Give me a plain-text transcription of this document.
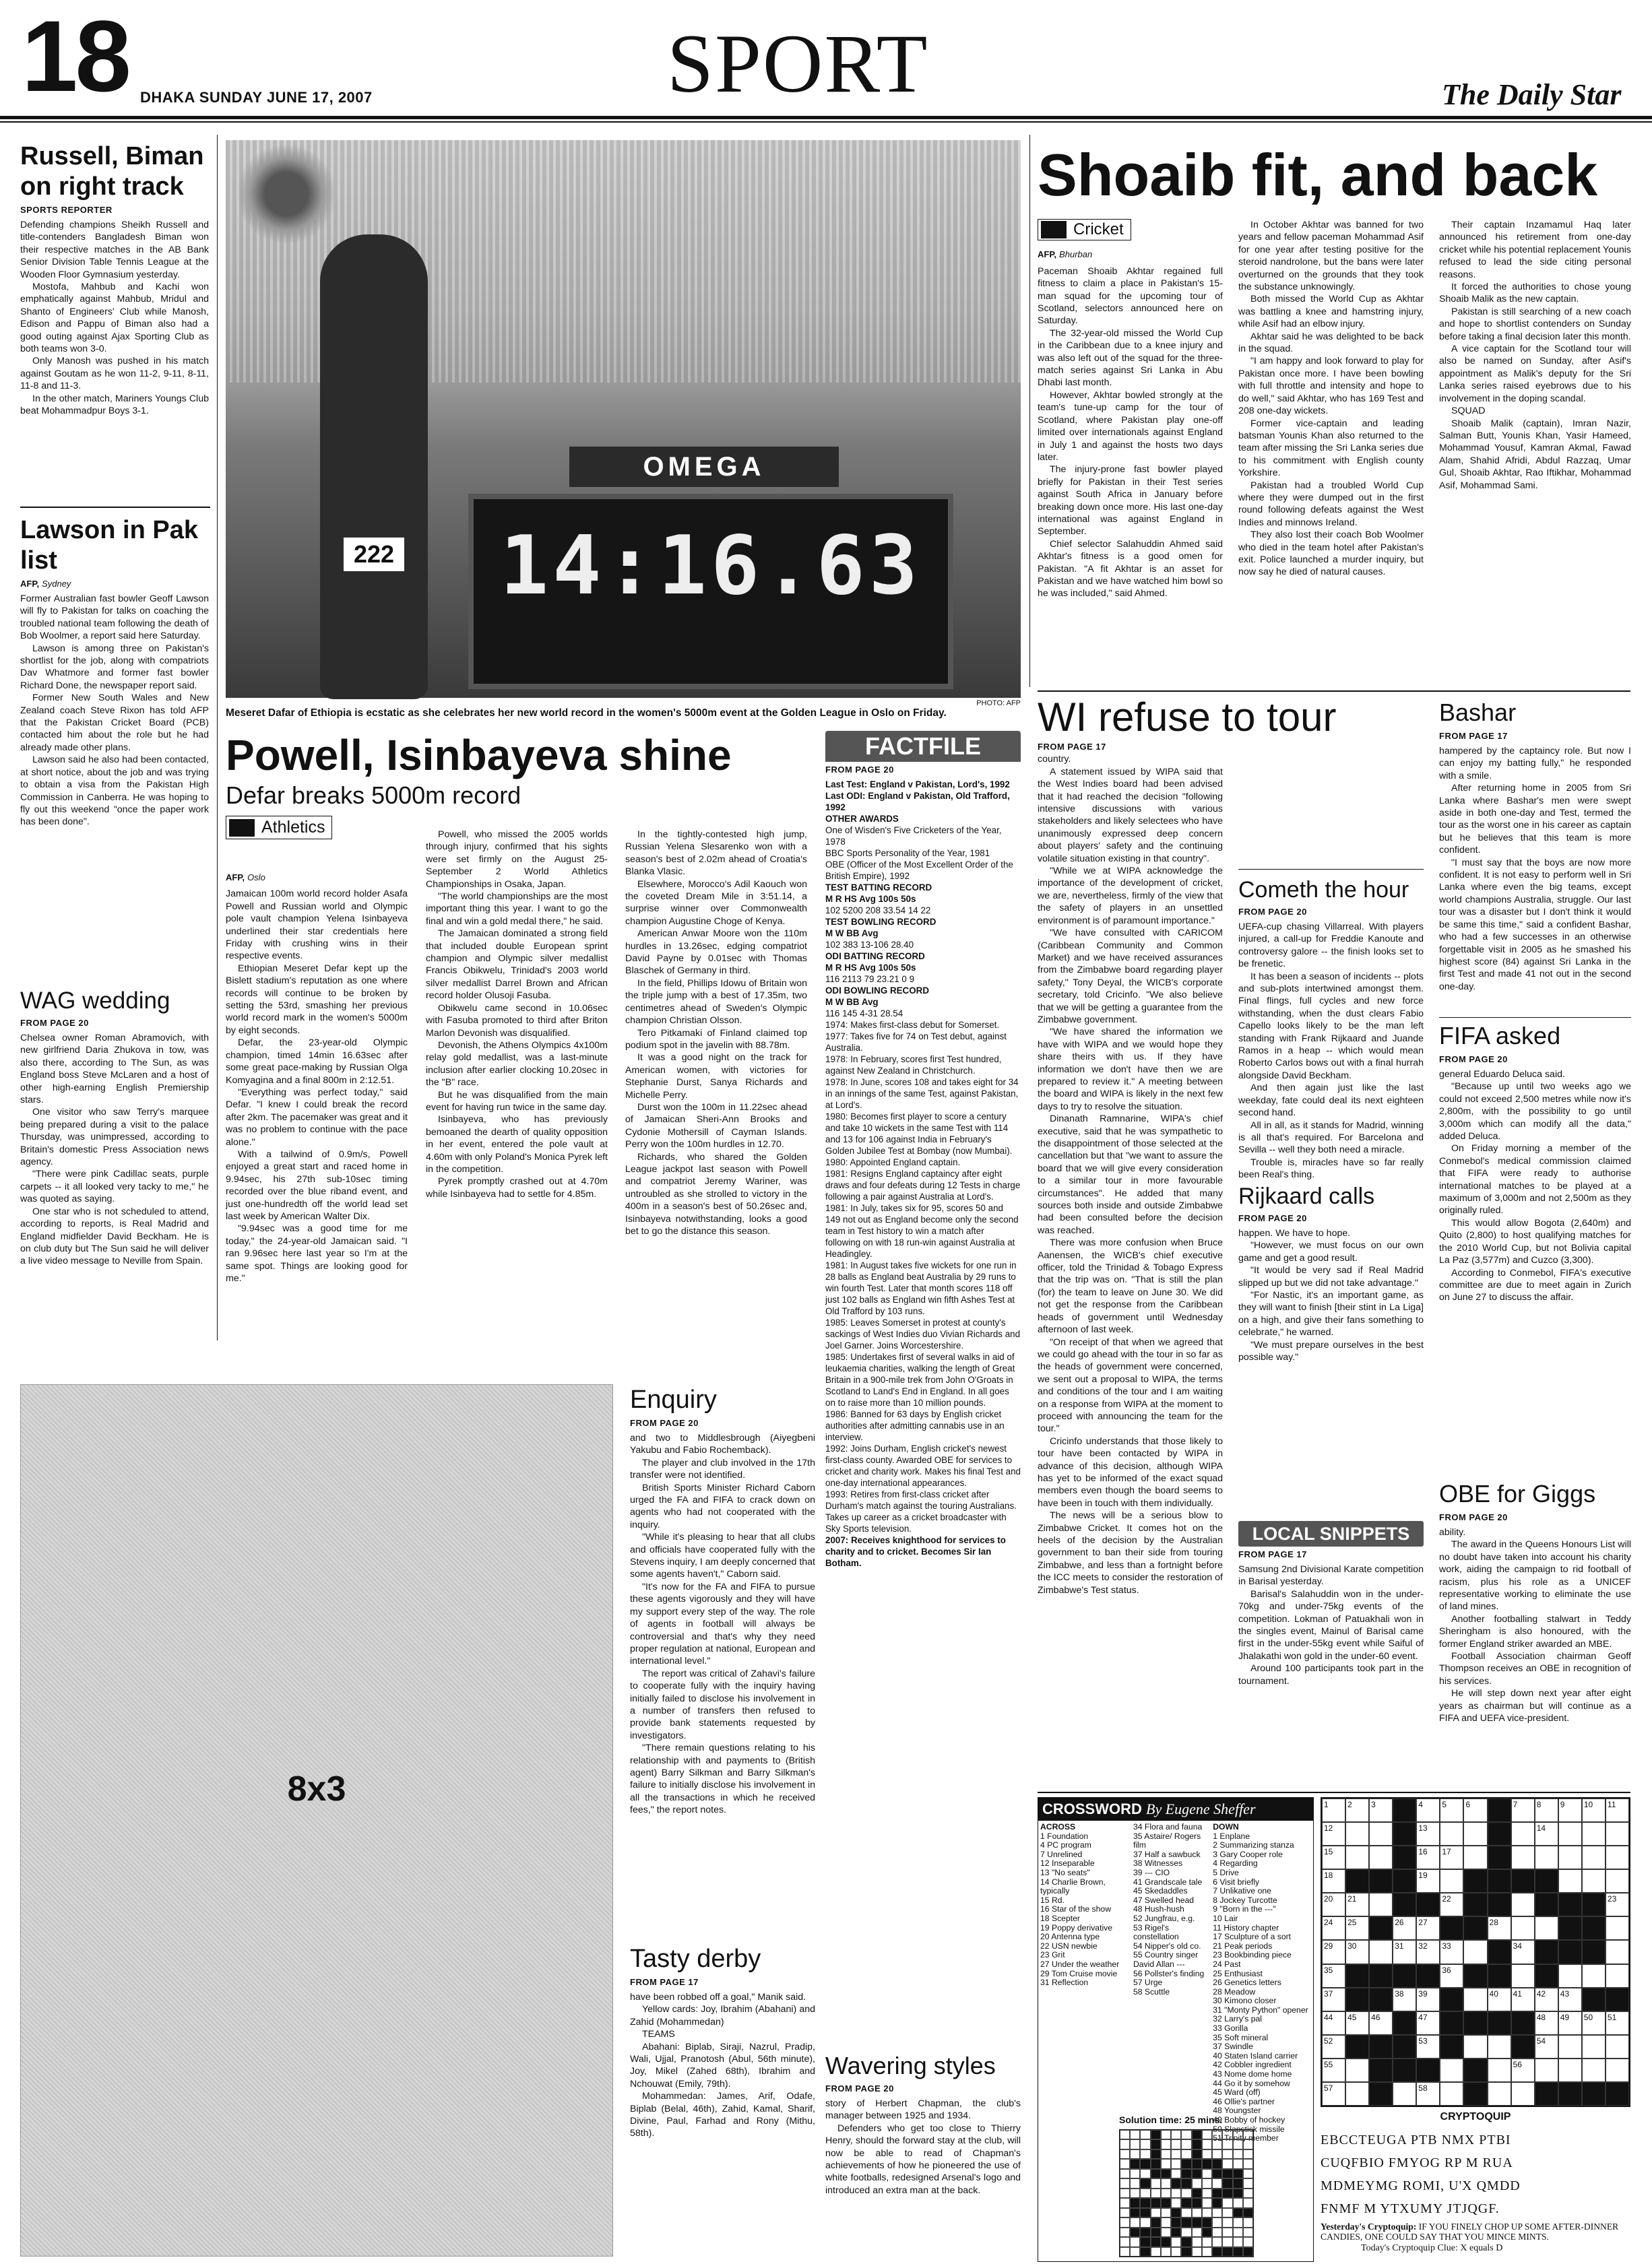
18 DHAKA SUNDAY JUNE 17, 2007	SPORT	The Daily Star
Russell, Biman on right track
SPORTS REPORTER

Defending champions Sheikh Russell and title-contenders Bangladesh Biman won their respective matches in the AB Bank Senior Division Table Tennis League at the Wooden Floor Gymnasium yesterday.

Mostofa, Mahbub and Kachi won emphatically against Mahbub, Mridul and Shanto of Engineers' Club while Manosh, Edison and Pappu of Biman also had a good outing against Ajax Sporting Club as both teams won 3-0.

Only Manosh was pushed in his match against Goutam as he won 11-2, 9-11, 8-11, 11-8 and 11-3.

In the other match, Mariners Youngs Club beat Mohammadpur Boys 3-1.

Lawson in Pak list
AFP, Sydney

Former Australian fast bowler Geoff Lawson will fly to Pakistan for talks on coaching the troubled national team following the death of Bob Woolmer, a report said here Saturday.

Lawson is among three on Pakistan's shortlist for the job, along with compatriots Dav Whatmore and former fast bowler Richard Done, the newspaper report said.

Former New South Wales and New Zealand coach Steve Rixon has told AFP that the Pakistan Cricket Board (PCB) contacted him about the role but he had already made other plans.

Lawson said he also had been contacted, at short notice, about the job and was trying to obtain a visa from the Pakistan High Commission in Canberra. He was hoping to fly out this weekend "once the paper work has been done".

WAG wedding
FROM PAGE 20

Chelsea owner Roman Abramovich, with new girlfriend Daria Zhukova in tow, was also there, according to The Sun, as was England boss Steve McLaren and a host of other high-earning English Premiership stars.

One visitor who saw Terry's marquee being prepared during a visit to the palace Thursday, was unimpressed, according to Britain's domestic Press Association news agency.

"There were pink Cadillac seats, purple carpets -- it all looked very tacky to me," he was quoted as saying.

One star who is not scheduled to attend, according to reports, is Real Madrid and England midfielder David Beckham. He is on club duty but The Sun said he will deliver a live video message to Neville from Spain.

OMEGA
14:16.63
222
PHOTO: AFP
Meseret Dafar of Ethiopia is ecstatic as she celebrates her new world record in the women's 5000m event at the Golden League in Oslo on Friday.
Powell, Isinbayeva shine
Defar breaks 5000m record
Athletics
AFP, Oslo

Jamaican 100m world record holder Asafa Powell and Russian world and Olympic pole vault champion Yelena Isinbayeva underlined their star credentials here Friday with crushing wins in their respective events.

Ethiopian Meseret Defar kept up the Bislett stadium's reputation as one where records will continue to be broken by setting the 53rd, smashing her previous world record mark in the women's 5000m by eight seconds.

Defar, the 23-year-old Olympic champion, timed 14min 16.63sec after some great pace-making by Russian Olga Komyagina and a final 800m in 2:12.51.

"Everything was perfect today," said Defar. "I knew I could break the record after 2km. The pacemaker was great and it was no problem to continue with the pace alone."

With a tailwind of 0.9m/s, Powell enjoyed a great start and raced home in 9.94sec, his 27th sub-10sec timing recorded over the blue riband event, and just one-hundredth off the world lead set last week by American Walter Dix.

"9.94sec was a good time for me today," the 24-year-old Jamaican said. "I ran 9.96sec here last year so I'm at the same spot. Things are looking good for me."

Powell, who missed the 2005 worlds through injury, confirmed that his sights were set firmly on the August 25-September 2 World Athletics Championships in Osaka, Japan.

"The world championships are the most important thing this year. I want to go the final and win a gold medal there," he said.

The Jamaican dominated a strong field that included double European sprint champion and Olympic silver medallist Francis Obikwelu, Trinidad's 2003 world silver medallist Darrel Brown and African record holder Olusoji Fasuba.

Obikwelu came second in 10.06sec with Fasuba promoted to third after Briton Marlon Devonish was disqualified.

Devonish, the Athens Olympics 4x100m relay gold medallist, was a last-minute inclusion after earlier clocking 10.20sec in the "B" race.

But he was disqualified from the main event for having run twice in the same day.

Isinbayeva, who has previously bemoaned the dearth of quality opposition in her event, entered the pole vault at 4.60m with only Poland's Monica Pyrek left in the competition.

Pyrek promptly crashed out at 4.70m while Isinbayeva had to settle for 4.85m.

In the tightly-contested high jump, Russian Yelena Slesarenko won with a season's best of 2.02m ahead of Croatia's Blanka Vlasic.

Elsewhere, Morocco's Adil Kaouch won the coveted Dream Mile in 3:51.14, a surprise winner over Commonwealth champion Augustine Choge of Kenya.

American Anwar Moore won the 110m hurdles in 13.26sec, edging compatriot David Payne by 0.01sec with Thomas Blaschek of Germany in third.

In the field, Phillips Idowu of Britain won the triple jump with a best of 17.35m, two centimetres ahead of Sweden's Olympic champion Christian Olsson.

Tero Pitkamaki of Finland claimed top podium spot in the javelin with 88.78m.

It was a good night on the track for American women, with victories for Stephanie Durst, Sanya Richards and Michelle Perry.

Durst won the 100m in 11.22sec ahead of Jamaican Sheri-Ann Brooks and Cydonie Mothersill of Cayman Islands. Perry won the 100m hurdles in 12.70.

Richards, who shared the Golden League jackpot last season with Powell and compatriot Jeremy Wariner, was untroubled as she strolled to victory in the 400m in a season's best of 50.26sec and, Isinbayeva notwithstanding, looks a good bet to go the distance this season.

FACTFILE
FROM PAGE 20
Last Test: England v Pakistan, Lord's, 1992
Last ODI: England v Pakistan, Old Trafford, 1992
OTHER AWARDS
One of Wisden's Five Cricketers of the Year, 1978
BBC Sports Personality of the Year, 1981
OBE (Officer of the Most Excellent Order of the British Empire), 1992
TEST BATTING RECORD
M R HS Avg 100s 50s
102 5200 208 33.54 14 22
TEST BOWLING RECORD
M W BB Avg
102 383 13-106 28.40
ODI BATTING RECORD
M R HS Avg 100s 50s
116 2113 79 23.21 0 9
ODI BOWLING RECORD
M W BB Avg
116 145 4-31 28.54
1974: Makes first-class debut for Somerset.
1977: Takes five for 74 on Test debut, against Australia.
1978: In February, scores first Test hundred, against New Zealand in Christchurch.
1978: In June, scores 108 and takes eight for 34 in an innings of the same Test, against Pakistan, at Lord's.
1980: Becomes first player to score a century and take 10 wickets in the same Test with 114 and 13 for 106 against India in February's Golden Jubilee Test at Bombay (now Mumbai).
1980: Appointed England captain.
1981: Resigns England captaincy after eight draws and four defeats during 12 Tests in charge following a pair against Australia at Lord's.
1981: In July, takes six for 95, scores 50 and 149 not out as England become only the second team in Test history to win a match after following on with 18 run-win against Australia at Headingley.
1981: In August takes five wickets for one run in 28 balls as England beat Australia by 29 runs to win fourth Test. Later that month scores 118 off just 102 balls as England win fifth Ashes Test at Old Trafford by 103 runs.
1985: Leaves Somerset in protest at county's sackings of West Indies duo Vivian Richards and Joel Garner. Joins Worcestershire.
1985: Undertakes first of several walks in aid of leukaemia charities, walking the length of Great Britain in a 900-mile trek from John O'Groats in Scotland to Land's End in England. In all goes on to raise more than 10 million pounds.
1986: Banned for 63 days by English cricket authorities after admitting cannabis use in an interview.
1992: Joins Durham, English cricket's newest first-class county. Awarded OBE for services to cricket and charity work. Makes his final Test and one-day international appearances.
1993: Retires from first-class cricket after Durham's match against the touring Australians. Takes up career as a cricket broadcaster with Sky Sports television.
2007: Receives knighthood for services to charity and to cricket. Becomes Sir Ian Botham.
Shoaib fit, and back
Cricket
AFP, Bhurban

Paceman Shoaib Akhtar regained full fitness to claim a place in Pakistan's 15-man squad for the upcoming tour of Scotland, selectors announced here on Saturday.

The 32-year-old missed the World Cup in the Caribbean due to a knee injury and was also left out of the squad for the three-match series against Sri Lanka in Abu Dhabi last month.

However, Akhtar bowled strongly at the team's tune-up camp for the tour of Scotland, where Pakistan play one-off limited over internationals against England in July 1 and against the hosts two days later.

The injury-prone fast bowler played briefly for Pakistan in their Test series against South Africa in January before breaking down once more. His last one-day international was against England in September.

Chief selector Salahuddin Ahmed said Akhtar's fitness is a good omen for Pakistan. "A fit Akhtar is an asset for Pakistan and we have watched him bowl so he was included," said Ahmed.

In October Akhtar was banned for two years and fellow paceman Mohammad Asif for one year after testing positive for the steroid nandrolone, but the bans were later overturned on the grounds that they took the substance unknowingly.

Both missed the World Cup as Akhtar was battling a knee and hamstring injury, while Asif had an elbow injury.

Akhtar said he was delighted to be back in the squad.

"I am happy and look forward to play for Pakistan once more. I have been bowling with full throttle and intensity and hope to do well," said Akhtar, who has 169 Test and 208 one-day wickets.

Former vice-captain and leading batsman Younis Khan also returned to the team after missing the Sri Lanka series due to his commitment with English county Yorkshire.

Pakistan had a troubled World Cup where they were dumped out in the first round following defeats against the West Indies and minnows Ireland.

They also lost their coach Bob Woolmer who died in the team hotel after Pakistan's exit. Police launched a murder inquiry, but now say he died of natural causes.

Their captain Inzamamul Haq later announced his retirement from one-day cricket while his potential replacement Younis refused to lead the side citing personal reasons.

It forced the authorities to chose young Shoaib Malik as the new captain.

Pakistan is still searching of a new coach and hope to shortlist contenders on Sunday before taking a final decision later this month.

A vice captain for the Scotland tour will also be named on Sunday, after Asif's appointment as Malik's deputy for the Sri Lanka series raised eyebrows due to his involvement in the doping scandal.

SQUAD

Shoaib Malik (captain), Imran Nazir, Salman Butt, Younis Khan, Yasir Hameed, Mohammad Yousuf, Kamran Akmal, Fawad Alam, Shahid Afridi, Abdul Razzaq, Umar Gul, Shoaib Akhtar, Rao Iftikhar, Mohammad Asif, Mohammad Sami.

WI refuse to tour
FROM PAGE 17

country.

A statement issued by WIPA said that the West Indies board had been advised that it had reached the decision "following intensive discussions with various stakeholders and likely selectees who have unanimously expressed deep concern about players' safety and the continuing volatile situation existing in that country".

"While we at WIPA acknowledge the importance of the development of cricket, we are, nevertheless, firmly of the view that the safety of players in an unsettled environment is of paramount importance."

"We have consulted with CARICOM (Caribbean Community and Common Market) and we have received assurances from the Zimbabwe board regarding player safety," Tony Deyal, the WICB's corporate secretary, told Cricinfo. "We also believe that we will be getting a guarantee from the Zimbabwe government.

"We have shared the information we have with WIPA and we would hope they share theirs with us. If they have information we don't have then we are prepared to review it." A meeting between the board and WIPA is likely in the next few days to try to resolve the situation.

Dinanath Ramnarine, WIPA's chief executive, said that he was sympathetic to the disappointment of those selected at the cancellation but that "we want to assure the board that we will give every consideration to a similar tour in more favourable circumstances". He added that many sources both inside and outside Zimbabwe had been consulted before the decision was reached.

There was more confusion when Bruce Aanensen, the WICB's chief executive officer, told the Trinidad & Tobago Express that the trip was on. "That is still the plan (for) the team to leave on June 30. We did not get the response from the Caribbean heads of government until Wednesday afternoon of last week.

"On receipt of that when we agreed that we could go ahead with the tour in so far as the heads of government were concerned, we sent out a proposal to WIPA, the terms and conditions of the tour and I am waiting on a response from WIPA at the moment to proceed with announcing the team for the tour."

Cricinfo understands that those likely to tour have been contacted by WIPA in advance of this decision, although WIPA has yet to be informed of the exact squad members even though the board seems to have been in touch with them individually.

The news will be a serious blow to Zimbabwe Cricket. It comes hot on the heels of the decision by the Australian government to ban their side from touring Zimbabwe, and less than a fortnight before the ICC meets to consider the restoration of Zimbabwe's Test status.

Cometh the hour
FROM PAGE 20

UEFA-cup chasing Villarreal. With players injured, a call-up for Freddie Kanoute and controversy galore -- the finish looks set to be frenetic.

It has been a season of incidents -- plots and sub-plots intertwined amongst them. Final flings, full cycles and new force withstanding, when the dust clears Fabio Capello looks likely to be the man left standing with Frank Rijkaard and Juande Ramos in a heap -- which would mean Roberto Carlos bows out with a final hurrah alongside David Beckham.

And then again just like the last weekday, fate could deal its next eighteen second hand.

All in all, as it stands for Madrid, winning is all that's required. For Barcelona and Sevilla -- well they both need a miracle.

Trouble is, miracles have so far really been Real's thing.

Rijkaard calls
FROM PAGE 20

happen. We have to hope.

"However, we must focus on our own game and get a good result.

"It would be very sad if Real Madrid slipped up but we did not take advantage."

"For Nastic, it's an important game, as they will want to finish [their stint in La Liga] on a high, and give their fans something to celebrate," he warned.

"We must prepare ourselves in the best possible way."

LOCAL SNIPPETS
FROM PAGE 17

Samsung 2nd Divisional Karate competition in Barisal yesterday.

Barisal's Salahuddin won in the under-70kg and under-75kg events of the competition. Lokman of Patuakhali won in the singles event, Mainul of Barisal came first in the under-55kg event while Saiful of Jhalakathi won gold in the under-60 event.

Around 100 participants took part in the tournament.

Bashar
FROM PAGE 17

hampered by the captaincy role. But now I can enjoy my batting fully," he responded with a smile.

After returning home in 2005 from Sri Lanka where Bashar's men were swept aside in both one-day and Test, termed the tour as the worst one in his career as captain but he believes that this team is more confident.

"I must say that the boys are now more confident. It is not easy to perform well in Sri Lanka where even the big teams, except world champions Australia, struggle. Our last tour was a disaster but I don't think it would be same this time," said a confident Bashar, who had a few successes in an otherwise forgettable visit in 2005 as he smashed his highest score (84) against Sri Lanka in the first Test and made 41 not out in the second one-day.

FIFA asked
FROM PAGE 20

general Eduardo Deluca said.

"Because up until two weeks ago we could not exceed 2,500 metres while now it's 2,800m, with the possibility to go until 3,000m which can modify all the data," added Deluca.

On Friday morning a member of the Conmebol's medical commission claimed that FIFA were ready to authorise international matches to be played at a maximum of 3,000m and not 2,500m as they originally ruled.

This would allow Bogota (2,640m) and Quito (2,800) to host qualifying matches for the 2010 World Cup, but not Bolivia capital La Paz (3,577m) and Cuzco (3,300).

According to Conmebol, FIFA's executive committee are due to meet again in Zurich on June 27 to discuss the affair.

OBE for Giggs
FROM PAGE 20

ability.

The award in the Queens Honours List will no doubt have taken into account his charity work, aiding the campaign to rid football of racism, plus his role as a UNICEF representative working to eliminate the use of land mines.

Another footballing stalwart in Teddy Sheringham is also honoured, with the former England striker awarded an MBE.

Football Association chairman Geoff Thompson receives an OBE in recognition of his services.

He will step down next year after eight years as chairman but will continue as a FIFA and UEFA vice-president.

8x3
Enquiry
FROM PAGE 20

and two to Middlesbrough (Aiyegbeni Yakubu and Fabio Rochemback).

The player and club involved in the 17th transfer were not identified.

British Sports Minister Richard Caborn urged the FA and FIFA to crack down on agents who had not cooperated with the inquiry.

"While it's pleasing to hear that all clubs and officials have cooperated fully with the Stevens inquiry, I am deeply concerned that some agents haven't," Caborn said.

"It's now for the FA and FIFA to pursue these agents vigorously and they will have my support every step of the way. The role of agents in football will always be controversial and that's why they need proper regulation at national, European and international level."

The report was critical of Zahavi's failure to cooperate fully with the inquiry having initially failed to disclose his involvement in a number of transfers then refused to provide bank statements requested by investigators.

"There remain questions relating to his relationship with and payments to (British agent) Barry Silkman and Barry Silkman's failure to initially disclose his involvement in all the transactions in which he received fees," the report notes.

Tasty derby
FROM PAGE 17

have been robbed off a goal," Manik said.

Yellow cards: Joy, Ibrahim (Abahani) and Zahid (Mohammedan)

TEAMS

Abahani: Biplab, Siraji, Nazrul, Pradip, Wali, Ujjal, Pranotosh (Abul, 56th minute), Joy, Mikel (Zahed 68th), Ibrahim and Nchouwat (Emily, 79th).

Mohammedan: James, Arif, Odafe, Biplab (Belal, 46th), Zahid, Kamal, Sharif, Divine, Paul, Farhad and Rony (Mithu, 58th).

Wavering styles
FROM PAGE 20

story of Herbert Chapman, the club's manager between 1925 and 1934.

Defenders who get too close to Thierry Henry, should the forward stay at the club, will now be able to read of Chapman's achievements of how he pioneered the use of white footballs, redesigned Arsenal's logo and introduced an extra man at the back.

CROSSWORD By Eugene Sheffer
ACROSS
1 Foundation
4 PC program
7 Unrelined
12 Inseparable
13 "No seats"
14 Charlie Brown, typically
15 Rd.
16 Star of the show
18 Scepter
19 Poppy derivative
20 Antenna type
22 USN newbie
23 Grit
27 Under the weather
29 Tom Cruise movie
31 Reflection
34 Flora and fauna
35 Astaire/ Rogers film
37 Half a sawbuck
38 Witnesses
39 --- CIO
41 Grandscale tale
45 Skedaddles
47 Swelled head
48 Hush-hush
52 Jungfrau, e.g.
53 Rigel's constellation
54 Nipper's old co.
55 Country singer David Allan ---
56 Pollster's finding
57 Urge
58 Scuttle
DOWN
1 Enplane
2 Summarizing stanza
3 Gary Cooper role
4 Regarding
5 Drive
6 Visit briefly
7 Unlikative one
8 Jockey Turcotte
9 "Born in the ---"
10 Lair
11 History chapter
17 Sculpture of a sort
21 Peak periods
23 Bookbinding piece
24 Past
25 Enthusiast
26 Genetics letters
28 Meadow
30 Kimono closer
31 "Monty Python" opener
32 Larry's pal
33 Gorilla
35 Soft mineral
37 Swindle
40 Staten Island carrier
42 Cobbler ingredient
43 Nome dome home
44 Go it by somehow
45 Ward (off)
46 Ollie's partner
48 Youngster
49 Bobby of hockey
50 Slapstick missile
51 Trinity member
Solution time: 25 mins.
1	2	3	4	5	6	7	8	9	10	11
12	13	14
15	16	17
18	19
20	21	22	23
24	25	26	27	28
29	30	31	32	33	34
35	36
37	38	39	40	41	42	43
44	45	46	47	48	49	50	51
52	53	54
55	56
57	58
CRYPTOQUIP
EBCCTEUGA PTB NMX PTBI
CUQFBIO FMYOG RP M RUA
MDMEYMG ROMI, U'X QMDD
FNMF M YTXUMY JTJQGF.
Yesterday's Cryptoquip: IF YOU FINELY CHOP UP SOME AFTER-DINNER CANDIES, ONE COULD SAY THAT YOU MINCE MINTS.
Today's Cryptoquip Clue: X equals D
